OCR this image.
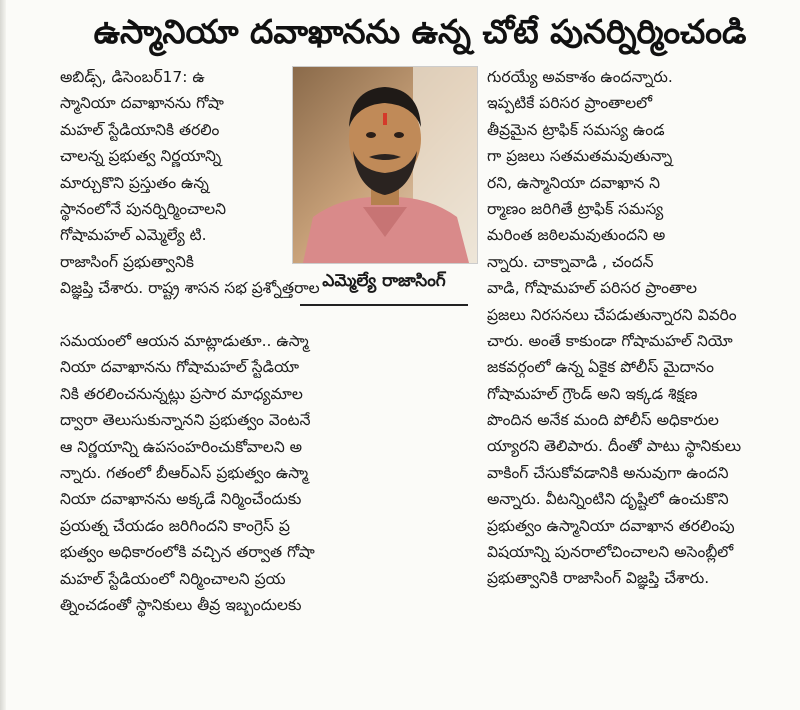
ఉస్మానియా దవాఖానను ఉన్న చోటే పునర్నిర్మించండి
అబిడ్స్, డిసెంబర్17: ఉ
స్మానియా దవాఖానను గోషా
మహల్ స్టేడియానికి తరలిం
చాలన్న ప్రభుత్వ నిర్ణయాన్ని
మార్చుకొని ప్రస్తుతం ఉన్న
స్థానంలోనే పునర్నిర్మించాలని
గోషామహల్ ఎమ్మెల్యే టి.
రాజాసింగ్ ప్రభుత్వానికి
విజ్ఞప్తి చేశారు. రాష్ట్ర శాసన సభ ప్రశ్నోత్తరాల ఎమ్మెల్యే రాజాసింగ్
సమయంలో ఆయన మాట్లాడుతూ.. ఉస్మా
నియా దవాఖానను గోషామహల్ స్టేడియా
నికి తరలించనున్నట్లు ప్రసార మాధ్యమాల
ద్వారా తెలుసుకున్నానని ప్రభుత్వం వెంటనే
ఆ నిర్ణయాన్ని ఉపసంహరించుకోవాలని అ
న్నారు. గతంలో బీఆర్ఎస్ ప్రభుత్వం ఉస్మా
నియా దవాఖానను అక్కడే నిర్మించేందుకు
ప్రయత్న చేయడం జరిగిందని కాంగ్రెస్ ప్ర
భుత్వం అధికారంలోకి వచ్చిన తర్వాత గోషా
మహల్ స్టేడియంలో నిర్మించాలని ప్రయ
త్నించడంతో స్థానికులు తీవ్ర ఇబ్బందులకు
గురయ్యే అవకాశం ఉందన్నారు.
ఇప్పటికే పరిసర ప్రాంతాలలో
తీవ్రమైన ట్రాఫిక్ సమస్య ఉండ
గా ప్రజలు సతమతమవుతున్నా
రని, ఉస్మానియా దవాఖాన ని
ర్మాణం జరిగితే ట్రాఫిక్ సమస్య
మరింత జఠిలమవుతుందని అ
న్నారు. చాక్నావాడి , చందన్
వాడి, గోషామహల్ పరిసర ప్రాంతాల
ప్రజలు నిరసనలు చేపడుతున్నారని వివరిం
చారు. అంతే కాకుండా గోషామహల్ నియో
జకవర్గంలో ఉన్న ఏకైక పోలీస్ మైదానం
గోషామహల్ గ్రౌండ్ అని ఇక్కడ శిక్షణ
పొందిన అనేక మంది పోలీస్ అధికారుల
య్యారని తెలిపారు. దీంతో పాటు స్థానికులు
వాకింగ్ చేసుకోవడానికి అనువుగా ఉందని
అన్నారు. వీటన్నింటిని దృష్టిలో ఉంచుకొని
ప్రభుత్వం ఉస్మానియా దవాఖాన తరలింపు
విషయాన్ని పునరాలోచించాలని అసెంబ్లీలో
ప్రభుత్వానికి రాజాసింగ్ విజ్ఞప్తి చేశారు.
